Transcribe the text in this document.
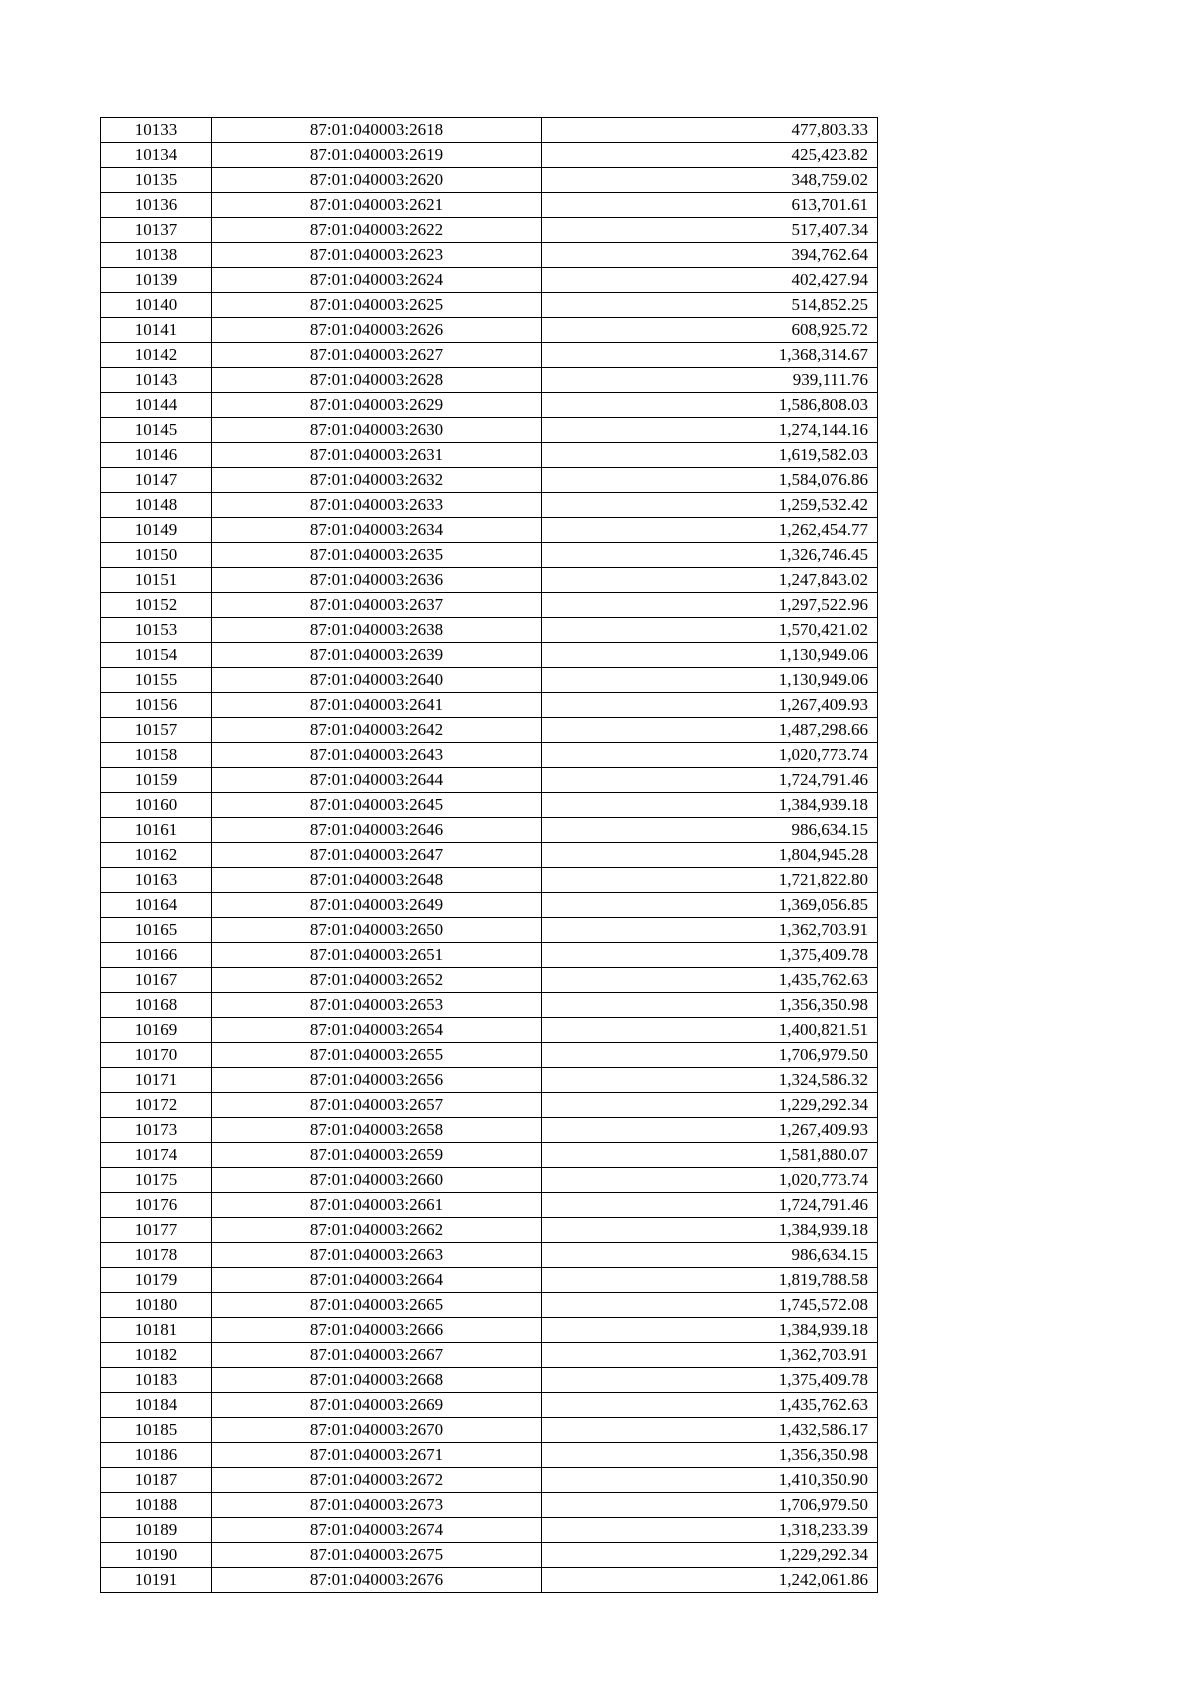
10133	87:01:040003:2618	477,803.33
10134	87:01:040003:2619	425,423.82
10135	87:01:040003:2620	348,759.02
10136	87:01:040003:2621	613,701.61
10137	87:01:040003:2622	517,407.34
10138	87:01:040003:2623	394,762.64
10139	87:01:040003:2624	402,427.94
10140	87:01:040003:2625	514,852.25
10141	87:01:040003:2626	608,925.72
10142	87:01:040003:2627	1,368,314.67
10143	87:01:040003:2628	939,111.76
10144	87:01:040003:2629	1,586,808.03
10145	87:01:040003:2630	1,274,144.16
10146	87:01:040003:2631	1,619,582.03
10147	87:01:040003:2632	1,584,076.86
10148	87:01:040003:2633	1,259,532.42
10149	87:01:040003:2634	1,262,454.77
10150	87:01:040003:2635	1,326,746.45
10151	87:01:040003:2636	1,247,843.02
10152	87:01:040003:2637	1,297,522.96
10153	87:01:040003:2638	1,570,421.02
10154	87:01:040003:2639	1,130,949.06
10155	87:01:040003:2640	1,130,949.06
10156	87:01:040003:2641	1,267,409.93
10157	87:01:040003:2642	1,487,298.66
10158	87:01:040003:2643	1,020,773.74
10159	87:01:040003:2644	1,724,791.46
10160	87:01:040003:2645	1,384,939.18
10161	87:01:040003:2646	986,634.15
10162	87:01:040003:2647	1,804,945.28
10163	87:01:040003:2648	1,721,822.80
10164	87:01:040003:2649	1,369,056.85
10165	87:01:040003:2650	1,362,703.91
10166	87:01:040003:2651	1,375,409.78
10167	87:01:040003:2652	1,435,762.63
10168	87:01:040003:2653	1,356,350.98
10169	87:01:040003:2654	1,400,821.51
10170	87:01:040003:2655	1,706,979.50
10171	87:01:040003:2656	1,324,586.32
10172	87:01:040003:2657	1,229,292.34
10173	87:01:040003:2658	1,267,409.93
10174	87:01:040003:2659	1,581,880.07
10175	87:01:040003:2660	1,020,773.74
10176	87:01:040003:2661	1,724,791.46
10177	87:01:040003:2662	1,384,939.18
10178	87:01:040003:2663	986,634.15
10179	87:01:040003:2664	1,819,788.58
10180	87:01:040003:2665	1,745,572.08
10181	87:01:040003:2666	1,384,939.18
10182	87:01:040003:2667	1,362,703.91
10183	87:01:040003:2668	1,375,409.78
10184	87:01:040003:2669	1,435,762.63
10185	87:01:040003:2670	1,432,586.17
10186	87:01:040003:2671	1,356,350.98
10187	87:01:040003:2672	1,410,350.90
10188	87:01:040003:2673	1,706,979.50
10189	87:01:040003:2674	1,318,233.39
10190	87:01:040003:2675	1,229,292.34
10191	87:01:040003:2676	1,242,061.86
